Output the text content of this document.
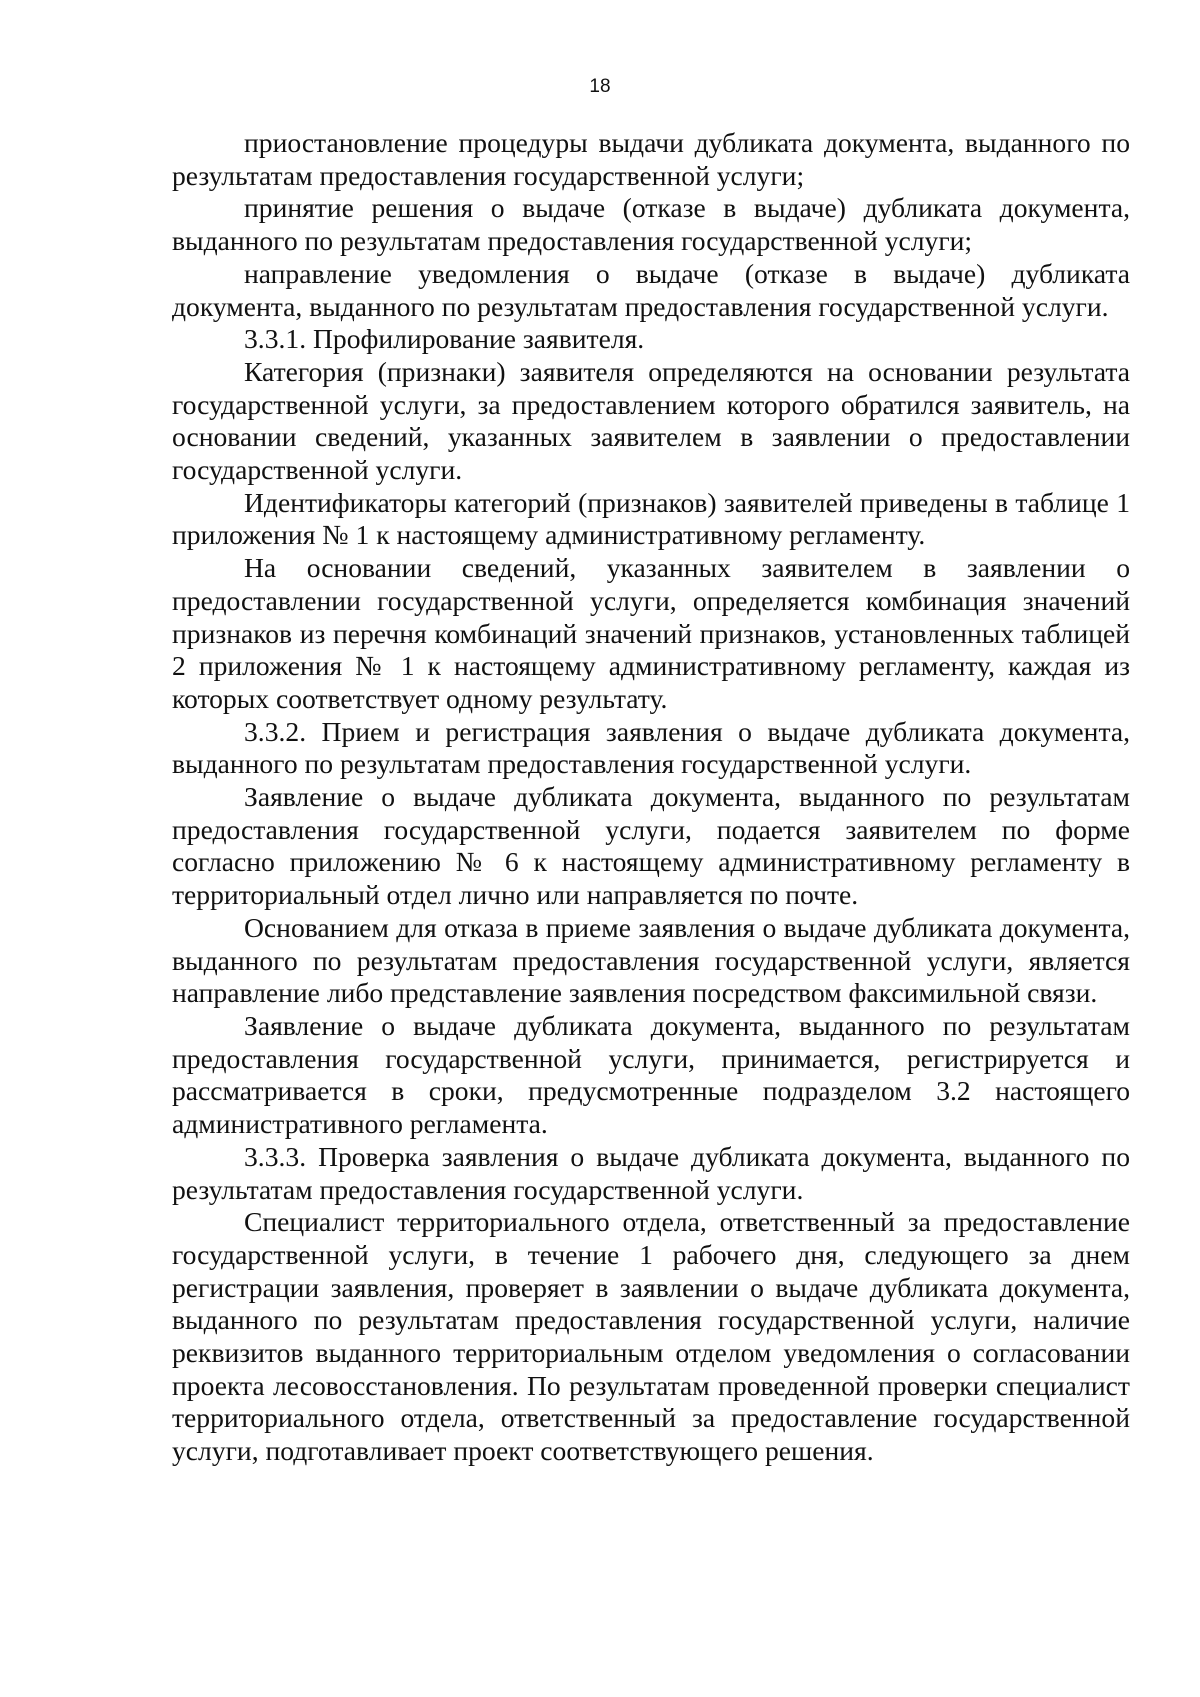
18

приостановление процедуры выдачи дубликата документа, выданного по результатам предоставления государственной услуги;

принятие решения о выдаче (отказе в выдаче) дубликата документа, выданного по результатам предоставления государственной услуги;

направление уведомления о выдаче (отказе в выдаче) дубликата документа, выданного по результатам предоставления государственной услуги.

3.3.1. Профилирование заявителя.

Категория (признаки) заявителя определяются на основании результата государственной услуги, за предоставлением которого обратился заявитель, на основании сведений, указанных заявителем в заявлении о предоставлении государственной услуги.

Идентификаторы категорий (признаков) заявителей приведены в таблице 1 приложения № 1 к настоящему административному регламенту.

На основании сведений, указанных заявителем в заявлении о предоставлении государственной услуги, определяется комбинация значений признаков из перечня комбинаций значений признаков, установленных таблицей 2 приложения № 1 к настоящему административному регламенту, каждая из которых соответствует одному результату.

3.3.2. Прием и регистрация заявления о выдаче дубликата документа, выданного по результатам предоставления государственной услуги.

Заявление о выдаче дубликата документа, выданного по результатам предоставления государственной услуги, подается заявителем по форме согласно приложению № 6 к настоящему административному регламенту в территориальный отдел лично или направляется по почте.

Основанием для отказа в приеме заявления о выдаче дубликата документа, выданного по результатам предоставления государственной услуги, является направление либо представление заявления посредством факсимильной связи.

Заявление о выдаче дубликата документа, выданного по результатам предоставления государственной услуги, принимается, регистрируется и рассматривается в сроки, предусмотренные подразделом 3.2 настоящего административного регламента.

3.3.3. Проверка заявления о выдаче дубликата документа, выданного по результатам предоставления государственной услуги.

Специалист территориального отдела, ответственный за предоставление государственной услуги, в течение 1 рабочего дня, следующего за днем регистрации заявления, проверяет в заявлении о выдаче дубликата документа, выданного по результатам предоставления государственной услуги, наличие реквизитов выданного территориальным отделом уведомления о согласовании проекта лесовосстановления. По результатам проведенной проверки специалист территориального отдела, ответственный за предоставление государственной услуги, подготавливает проект соответствующего решения.
